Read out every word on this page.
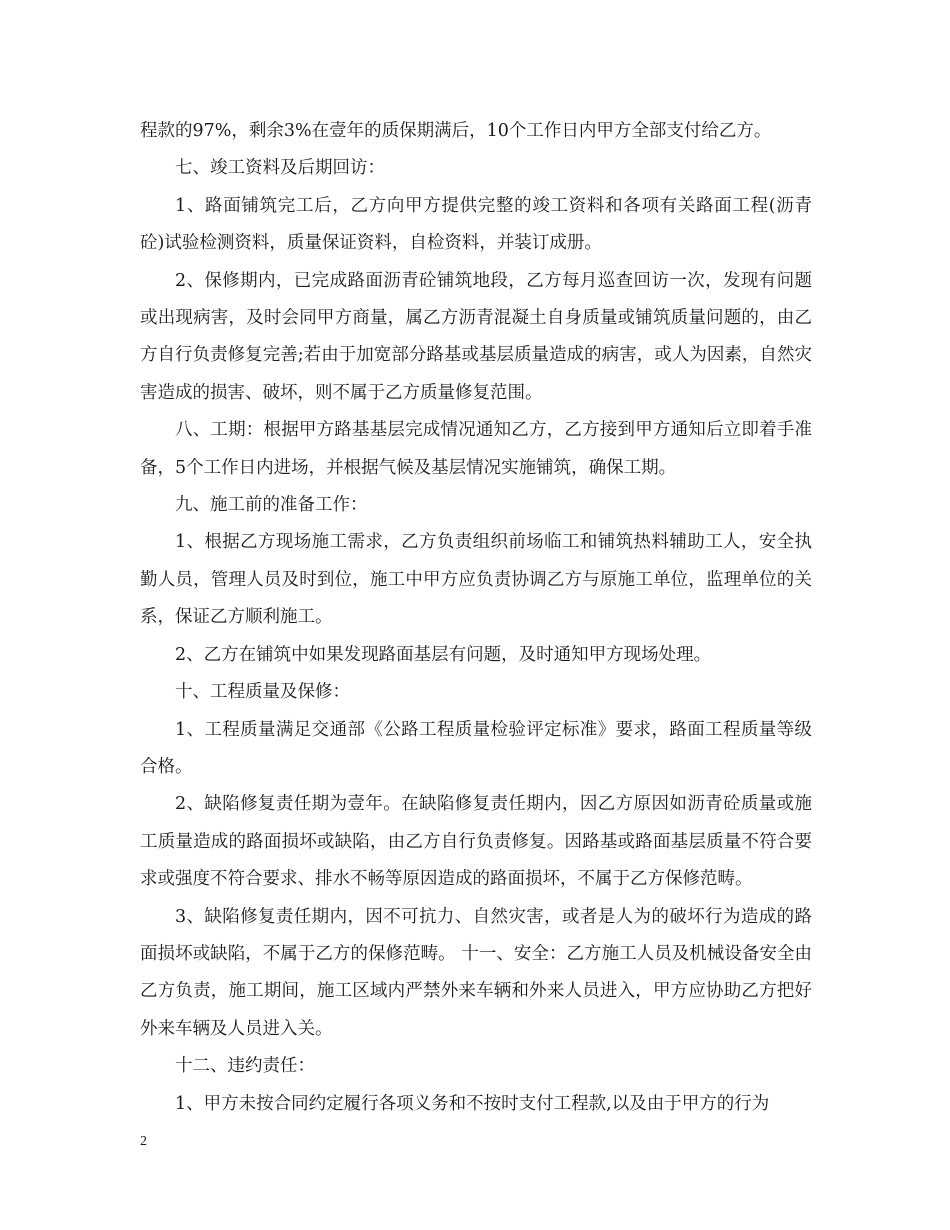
程款的97%，剩余3%在壹年的质保期满后，10个工作日内甲方全部支付给乙方。

七、竣工资料及后期回访：

1、路面铺筑完工后，乙方向甲方提供完整的竣工资料和各项有关路面工程(沥青砼)试验检测资料，质量保证资料，自检资料，并装订成册。

2、保修期内，已完成路面沥青砼铺筑地段，乙方每月巡查回访一次，发现有问题或出现病害，及时会同甲方商量，属乙方沥青混凝土自身质量或铺筑质量问题的，由乙方自行负责修复完善;若由于加宽部分路基或基层质量造成的病害，或人为因素，自然灾害造成的损害、破坏，则不属于乙方质量修复范围。

八、工期：根据甲方路基基层完成情况通知乙方，乙方接到甲方通知后立即着手准备，5个工作日内进场，并根据气候及基层情况实施铺筑，确保工期。

九、施工前的准备工作：

1、根据乙方现场施工需求，乙方负责组织前场临工和铺筑热料辅助工人，安全执勤人员，管理人员及时到位，施工中甲方应负责协调乙方与原施工单位，监理单位的关系，保证乙方顺利施工。

2、乙方在铺筑中如果发现路面基层有问题，及时通知甲方现场处理。

十、工程质量及保修：

1、工程质量满足交通部《公路工程质量检验评定标准》要求，路面工程质量等级合格。

2、缺陷修复责任期为壹年。在缺陷修复责任期内，因乙方原因如沥青砼质量或施工质量造成的路面损坏或缺陷，由乙方自行负责修复。因路基或路面基层质量不符合要求或强度不符合要求、排水不畅等原因造成的路面损坏，不属于乙方保修范畴。

3、缺陷修复责任期内，因不可抗力、自然灾害，或者是人为的破坏行为造成的路面损坏或缺陷，不属于乙方的保修范畴。 十一、安全：乙方施工人员及机械设备安全由乙方负责，施工期间，施工区域内严禁外来车辆和外来人员进入，甲方应协助乙方把好外来车辆及人员进入关。

十二、违约责任：

1、甲方未按合同约定履行各项义务和不按时支付工程款,以及由于甲方的行为

2
